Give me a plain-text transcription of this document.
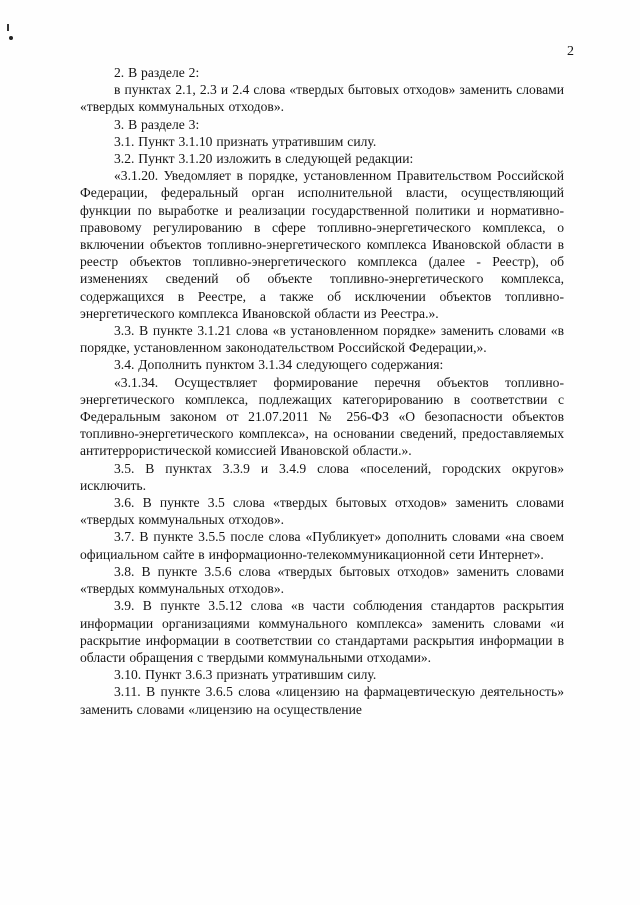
2

2. В разделе 2:

в пунктах 2.1, 2.3 и 2.4 слова «твердых бытовых отходов» заменить словами «твердых коммунальных отходов».

3. В разделе 3:

3.1. Пункт 3.1.10 признать утратившим силу.

3.2. Пункт 3.1.20 изложить в следующей редакции:

«3.1.20. Уведомляет в порядке, установленном Правительством Российской Федерации, федеральный орган исполнительной власти, осуществляющий функции по выработке и реализации государственной политики и нормативно-правовому регулированию в сфере топливно-энергетического комплекса, о включении объектов топливно-энергетического комплекса Ивановской области в реестр объектов топливно-энергетического комплекса (далее - Реестр), об изменениях сведений об объекте топливно-энергетического комплекса, содержащихся в Реестре, а также об исключении объектов топливно-энергетического комплекса Ивановской области из Реестра.».

3.3. В пункте 3.1.21 слова «в установленном порядке» заменить словами «в порядке, установленном законодательством Российской Федерации,».

3.4. Дополнить пунктом 3.1.34 следующего содержания:

«3.1.34. Осуществляет формирование перечня объектов топливно-энергетического комплекса, подлежащих категорированию в соответствии с Федеральным законом от 21.07.2011 № 256-ФЗ «О безопасности объектов топливно-энергетического комплекса», на основании сведений, предоставляемых антитеррористической комиссией Ивановской области.».

3.5. В пунктах 3.3.9 и 3.4.9 слова «поселений, городских округов» исключить.

3.6. В пункте 3.5 слова «твердых бытовых отходов» заменить словами «твердых коммунальных отходов».

3.7. В пункте 3.5.5 после слова «Публикует» дополнить словами «на своем официальном сайте в информационно-телекоммуникационной сети Интернет».

3.8. В пункте 3.5.6 слова «твердых бытовых отходов» заменить словами «твердых коммунальных отходов».

3.9. В пункте 3.5.12 слова «в части соблюдения стандартов раскрытия информации организациями коммунального комплекса» заменить словами «и раскрытие информации в соответствии со стандартами раскрытия информации в области обращения с твердыми коммунальными отходами».

3.10. Пункт 3.6.3 признать утратившим силу.

3.11. В пункте 3.6.5 слова «лицензию на фармацевтическую деятельность» заменить словами «лицензию на осуществление
